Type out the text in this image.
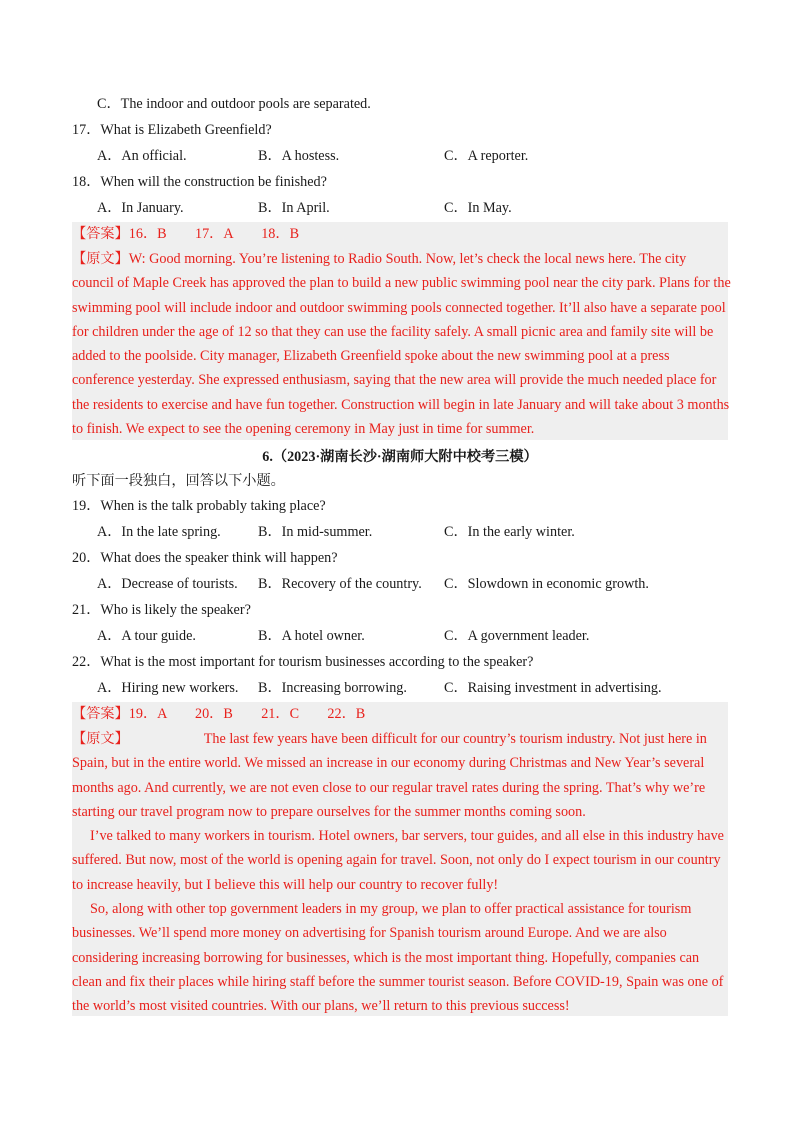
C．The indoor and outdoor pools are separated.
17．What is Elizabeth Greenfield?
A．An official.	B．A hostess.	C．A reporter.
18．When will the construction be finished?
A．In January.	B．In April.	C．In May.
【答案】16．B　　17．A　　18．B
【原文】W: Good morning. You’re listening to Radio South. Now, let’s check the local news here. The city
council of Maple Creek has approved the plan to build a new public swimming pool near the city park. Plans for the
swimming pool will include indoor and outdoor swimming pools connected together. It’ll also have a separate pool
for children under the age of 12 so that they can use the facility safely. A small picnic area and family site will be
added to the poolside. City manager, Elizabeth Greenfield spoke about the new swimming pool at a press
conference yesterday. She expressed enthusiasm, saying that the new area will provide the much needed place for
the residents to exercise and have fun together. Construction will begin in late January and will take about 3 months
to finish. We expect to see the opening ceremony in May just in time for summer.
6.（2023·湖南长沙·湖南师大附中校考三模）
听下面一段独白，回答以下小题。
19．When is the talk probably taking place?
A．In the late spring.	B．In mid-summer.	C．In the early winter.
20．What does the speaker think will happen?
A．Decrease of tourists. B．Recovery of the country. C．Slowdown in economic growth.
21．Who is likely the speaker?
A．A tour guide.	B．A hotel owner.	C．A government leader.
22．What is the most important for tourism businesses according to the speaker?
A．Hiring new workers. B．Increasing borrowing.	C．Raising investment in advertising.
【答案】19．A　　20．B　　21．C　　22．B
【原文】	The last few years have been difficult for our country’s tourism industry. Not just here in
Spain, but in the entire world. We missed an increase in our economy during Christmas and New Year’s several
months ago. And currently, we are not even close to our regular travel rates during the spring. That’s why we’re
starting our travel program now to prepare ourselves for the summer months coming soon.
I’ve talked to many workers in tourism. Hotel owners, bar servers, tour guides, and all else in this industry have
suffered. But now, most of the world is opening again for travel. Soon, not only do I expect tourism in our country
to increase heavily, but I believe this will help our country to recover fully!
So, along with other top government leaders in my group, we plan to offer practical assistance for tourism
businesses. We’ll spend more money on advertising for Spanish tourism around Europe. And we are also
considering increasing borrowing for businesses, which is the most important thing. Hopefully, companies can
clean and fix their places while hiring staff before the summer tourist season. Before COVID-19, Spain was one of
the world’s most visited countries. With our plans, we’ll return to this previous success!
